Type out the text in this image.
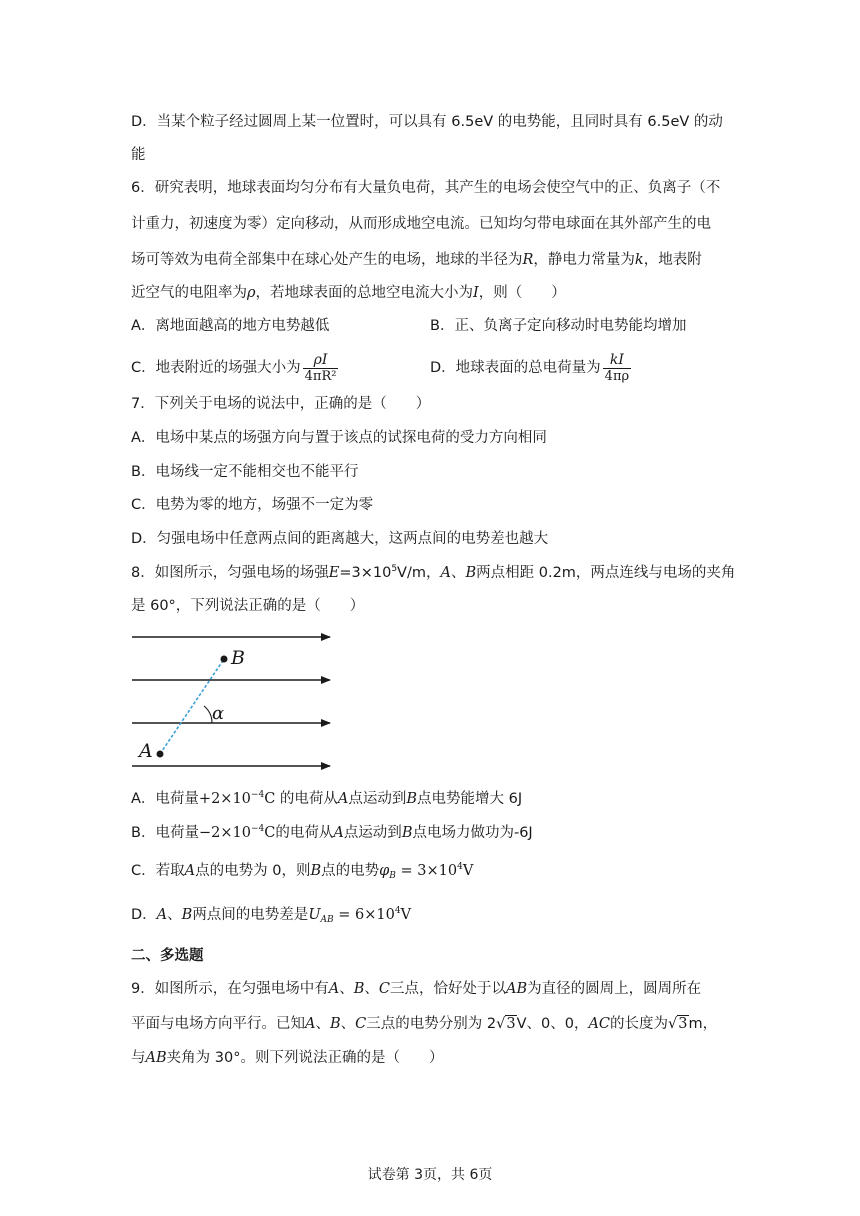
D．当某个粒子经过圆周上某一位置时，可以具有 6.5eV 的电势能，且同时具有 6.5eV 的动
能
6．研究表明，地球表面均匀分布有大量负电荷，其产生的电场会使空气中的正、负离子（不
计重力，初速度为零）定向移动，从而形成地空电流。已知均匀带电球面在其外部产生的电
场可等效为电荷全部集中在球心处产生的电场，地球的半径为R，静电力常量为k，地表附
近空气的电阻率为ρ，若地球表面的总地空电流大小为I，则（　　）
A．离地面越高的地方电势越低	B．正、负离子定向移动时电势能均增加
C．地表附近的场强大小为 $\frac{\rho I}{\text{4πR²}}$	D．地球表面的总电荷量为 $\frac{kI}{4\pi\rho}$
7．下列关于电场的说法中，正确的是（　　）
A．电场中某点的场强方向与置于该点的试探电荷的受力方向相同
B．电场线一定不能相交也不能平行
C．电势为零的地方，场强不一定为零
D．匀强电场中任意两点间的距离越大，这两点间的电势差也越大
8．如图所示，匀强电场的场强$E=3\times 10^5V/m$，A、B两点相距 0.2m，两点连线与电场的夹角
是 60°，下列说法正确的是（　　）
A
B
α
A．电荷量$+2\times 10^{-4}C$ 的电荷从A点运动到B点电势能增大 6J
B．电荷量$-2\times 10^{-4}C$的电荷从A点运动到B点电场力做功为-6J
C．若取A点的电势为 0，则B点的电势$\varphi_B = 3\times 10^4V$
D．A、B两点间的电势差是$U_{AB} = 6\times 10^4V$
二、多选题
9．如图所示，在匀强电场中有A、B、C三点，恰好处于以AB为直径的圆周上，圆周所在
平面与电场方向平行。已知A、B、C三点的电势分别为 2√3V、0、0，AC的长度为√3m，
与AB夹角为 30°。则下列说法正确的是（　　）
试卷第 3页，共 6页
